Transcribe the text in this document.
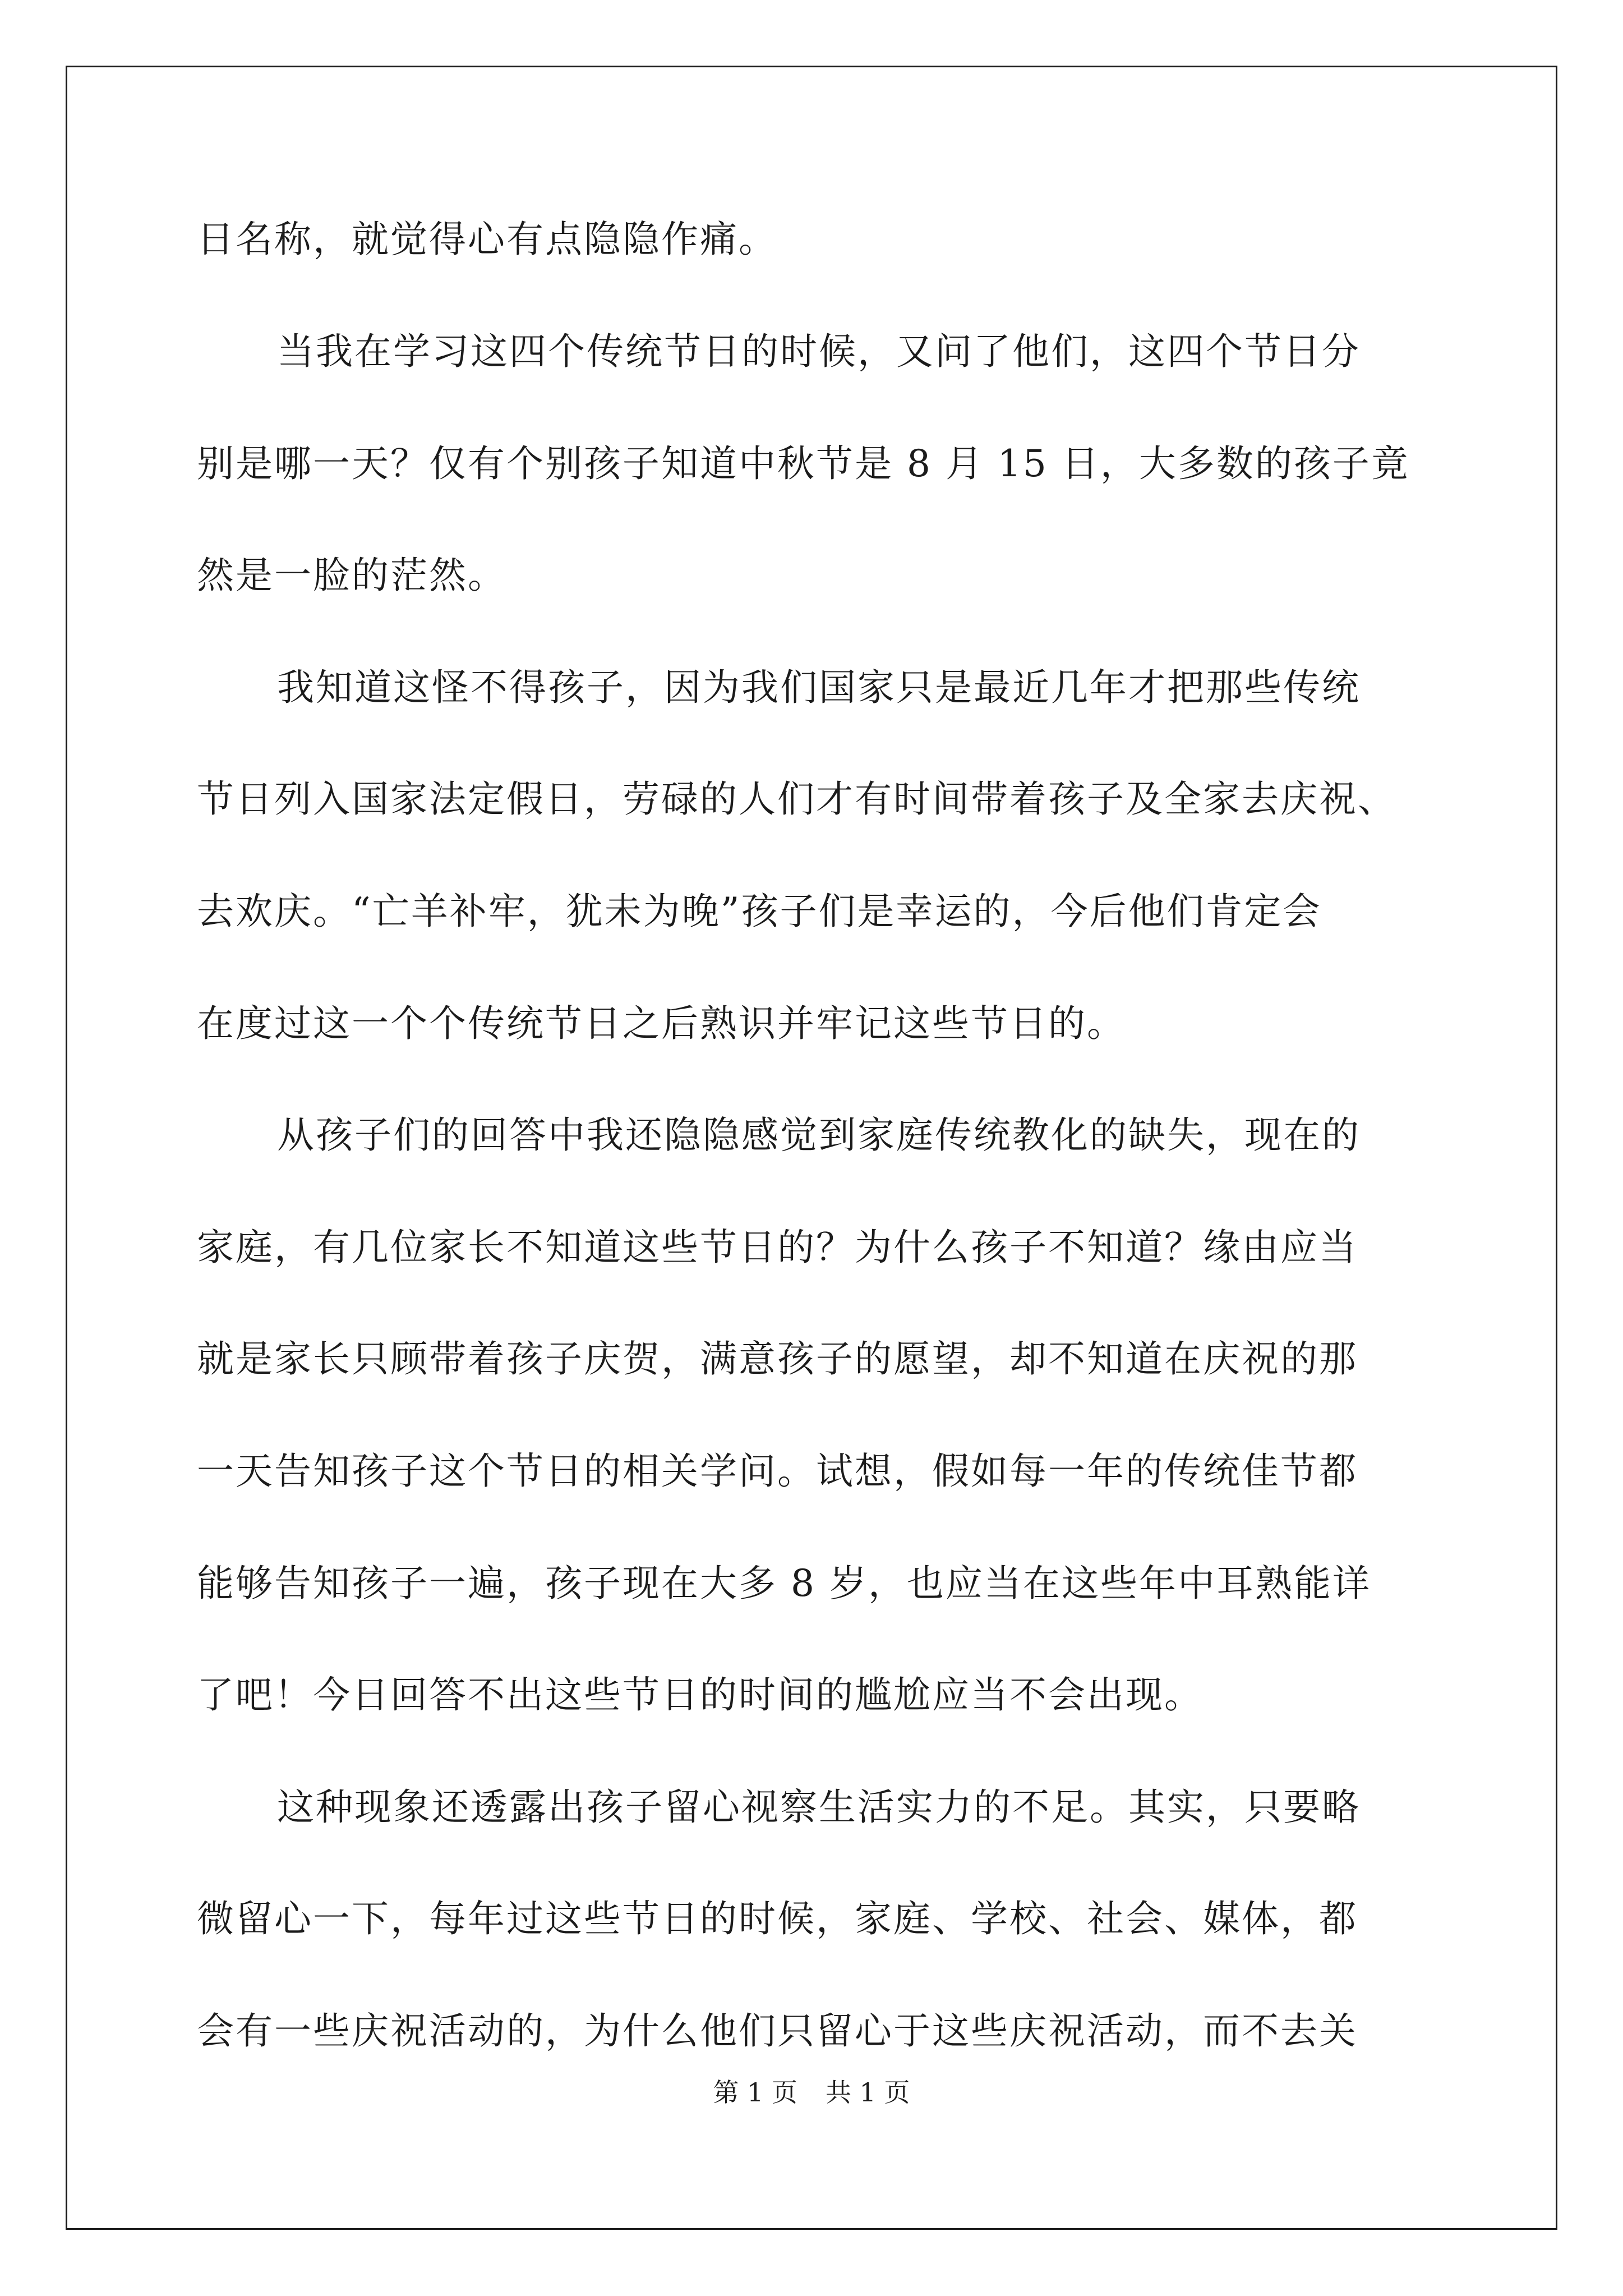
日名称，就觉得心有点隐隐作痛。
当我在学习这四个传统节日的时候，又问了他们，这四个节日分
别是哪一天？仅有个别孩子知道中秋节是 8 月 15 日，大多数的孩子竟
然是一脸的茫然。
我知道这怪不得孩子，因为我们国家只是最近几年才把那些传统
节日列入国家法定假日，劳碌的人们才有时间带着孩子及全家去庆祝、
去欢庆。“亡羊补牢，犹未为晚”孩子们是幸运的，今后他们肯定会
在度过这一个个传统节日之后熟识并牢记这些节日的。
从孩子们的回答中我还隐隐感觉到家庭传统教化的缺失，现在的
家庭，有几位家长不知道这些节日的？为什么孩子不知道？缘由应当
就是家长只顾带着孩子庆贺，满意孩子的愿望，却不知道在庆祝的那
一天告知孩子这个节日的相关学问。试想，假如每一年的传统佳节都
能够告知孩子一遍，孩子现在大多 8 岁，也应当在这些年中耳熟能详
了吧！今日回答不出这些节日的时间的尴尬应当不会出现。
这种现象还透露出孩子留心视察生活实力的不足。其实，只要略
微留心一下，每年过这些节日的时候，家庭、学校、社会、媒体，都
会有一些庆祝活动的，为什么他们只留心于这些庆祝活动，而不去关
第 1 页 共 1 页
